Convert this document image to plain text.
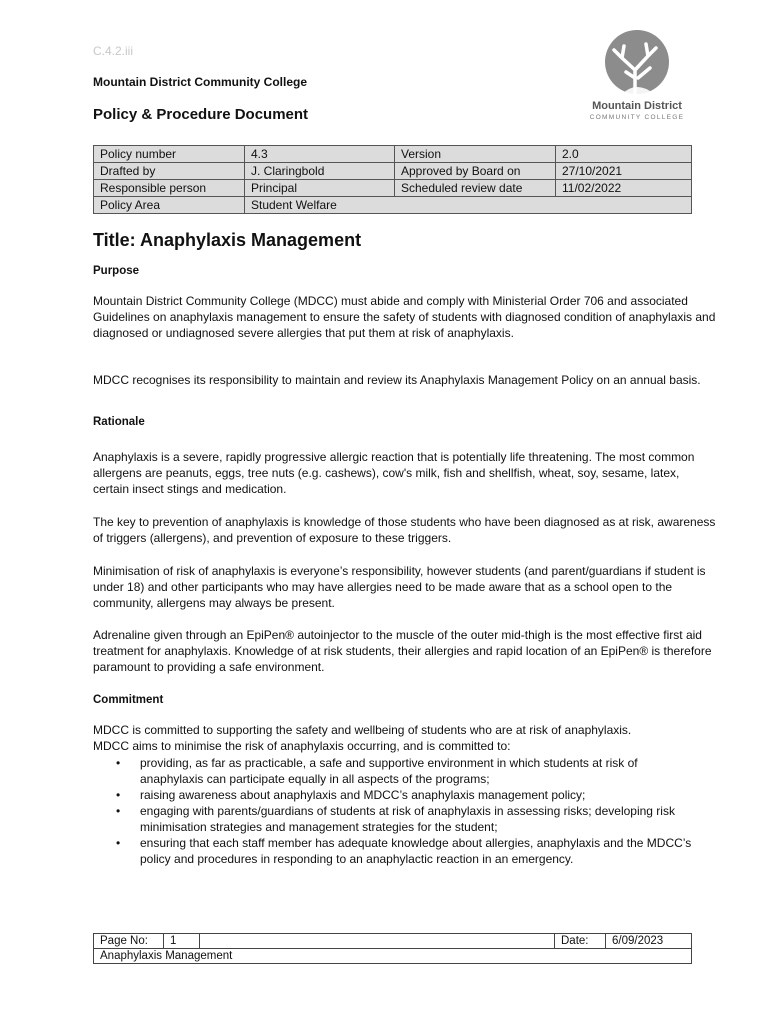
C.4.2.iii
Mountain District Community College
Policy & Procedure Document	Mountain District
COMMUNITY COLLEGE
Policy number	4.3	Version	2.0
Drafted by	J. Claringbold	Approved by Board on	27/10/2021
Responsible person	Principal	Scheduled review date	11/02/2022
Policy Area	Student Welfare		
Title: Anaphylaxis Management
Purpose
Mountain District Community College (MDCC) must abide and comply with Ministerial Order 706 and associated Guidelines on anaphylaxis management to ensure the safety of students with diagnosed condition of anaphylaxis and diagnosed or undiagnosed severe allergies that put them at risk of anaphylaxis.
MDCC recognises its responsibility to maintain and review its Anaphylaxis Management Policy on an annual basis.
Rationale
Anaphylaxis is a severe, rapidly progressive allergic reaction that is potentially life threatening. The most common allergens are peanuts, eggs, tree nuts (e.g. cashews), cow's milk, fish and shellfish, wheat, soy, sesame, latex, certain insect stings and medication.
The key to prevention of anaphylaxis is knowledge of those students who have been diagnosed as at risk, awareness of triggers (allergens), and prevention of exposure to these triggers.
Minimisation of risk of anaphylaxis is everyone’s responsibility, however students (and parent/guardians if student is under 18) and other participants who may have allergies need to be made aware that as a school open to the community, allergens may always be present.
Adrenaline given through an EpiPen® autoinjector to the muscle of the outer mid-thigh is the most effective first aid treatment for anaphylaxis. Knowledge of at risk students, their allergies and rapid location of an EpiPen® is therefore paramount to providing a safe environment.
Commitment
MDCC is committed to supporting the safety and wellbeing of students who are at risk of anaphylaxis.
MDCC aims to minimise the risk of anaphylaxis occurring, and is committed to:
• providing, as far as practicable, a safe and supportive environment in which students at risk of anaphylaxis can participate equally in all aspects of the programs;
• raising awareness about anaphylaxis and MDCC’s anaphylaxis management policy;
• engaging with parents/guardians of students at risk of anaphylaxis in assessing risks; developing risk minimisation strategies and management strategies for the student;
• ensuring that each staff member has adequate knowledge about allergies, anaphylaxis and the MDCC’s policy and procedures in responding to an anaphylactic reaction in an emergency.
Page No:	1		Date:	6/09/2023
Anaphylaxis Management
